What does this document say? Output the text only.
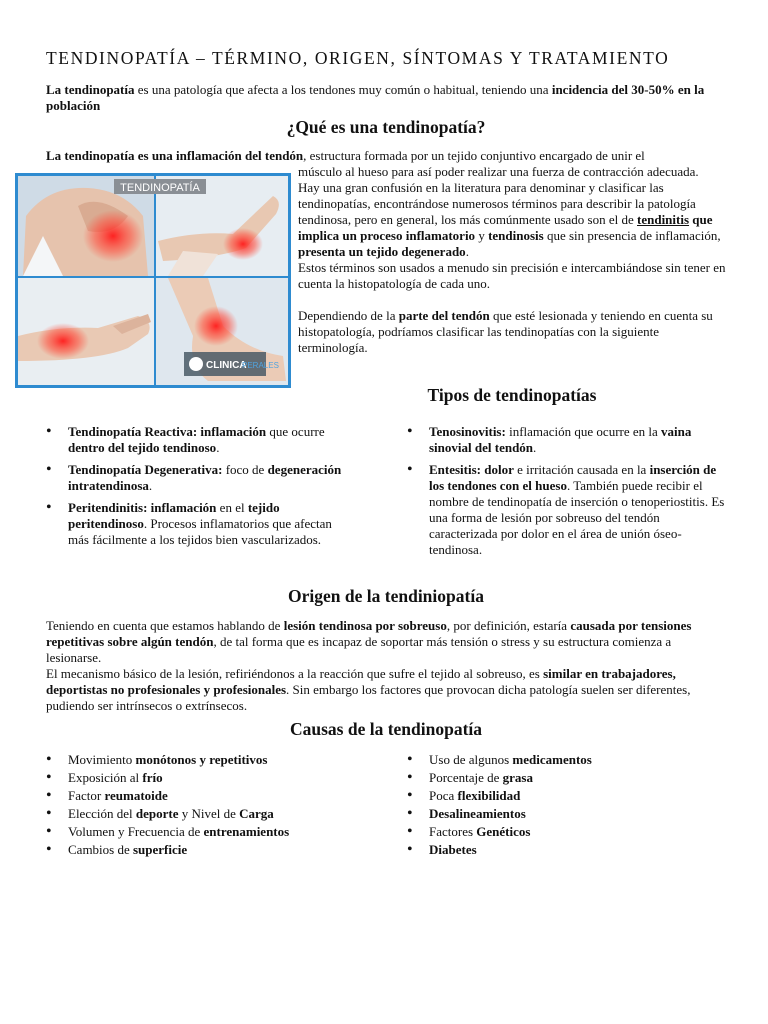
TENDINOPATÍA – TÉRMINO, ORIGEN, SÍNTOMAS Y TRATAMIENTO
La tendinopatía es una patología que afecta a los tendones muy común o habitual, teniendo una incidencia del 30-50% en la población
¿Qué es una tendinopatía?
La tendinopatía es una inflamación del tendón, estructura formada por un tejido conjuntivo encargado de unir el
TENDINOPATÍA
CLINICA
PERALES
músculo al hueso para así poder realizar una fuerza de contracción adecuada.
Hay una gran confusión en la literatura para denominar y clasificar las tendinopatías, encontrándose numerosos términos para describir la patología tendinosa, pero en general, los más comúnmente usado son el de tendinitis que implica un proceso inflamatorio y tendinosis que sin presencia de inflamación, presenta un tejido degenerado.
Estos términos son usados a menudo sin precisión e intercambiándose sin tener en cuenta la histopatología de cada uno.
Dependiendo de la parte del tendón que esté lesionada y teniendo en cuenta su histopatología, podríamos clasificar las tendinopatías con la siguiente terminología.
Tipos de tendinopatías
• Tendinopatía Reactiva: inflamación que ocurre dentro del tejido tendinoso.
• Tendinopatía Degenerativa: foco de degeneración intratendinosa.
• Peritendinitis: inflamación en el tejido peritendinoso. Procesos inflamatorios que afectan más fácilmente a los tejidos bien vascularizados.
• Tenosinovitis: inflamación que ocurre en la vaina sinovial del tendón.
• Entesitis: dolor e irritación causada en la inserción de los tendones con el hueso. También puede recibir el nombre de tendinopatía de inserción o tenoperiostitis. Es una forma de lesión por sobreuso del tendón caracterizada por dolor en el área de unión óseo-tendinosa.
Origen de la tendiniopatía
Teniendo en cuenta que estamos hablando de lesión tendinosa por sobreuso, por definición, estaría causada por tensiones repetitivas sobre algún tendón, de tal forma que es incapaz de soportar más tensión o stress y su estructura comienza a lesionarse.
El mecanismo básico de la lesión, refiriéndonos a la reacción que sufre el tejido al sobreuso, es similar en trabajadores, deportistas no profesionales y profesionales. Sin embargo los factores que provocan dicha patología suelen ser diferentes, pudiendo ser intrínsecos o extrínsecos.
Causas de la tendinopatía
• Movimiento monótonos y repetitivos
• Exposición al frío
• Factor reumatoide
• Elección del deporte y Nivel de Carga
• Volumen y Frecuencia de entrenamientos
• Cambios de superficie
• Uso de algunos medicamentos
• Porcentaje de grasa
• Poca flexibilidad
• Desalineamientos
• Factores Genéticos
• Diabetes
